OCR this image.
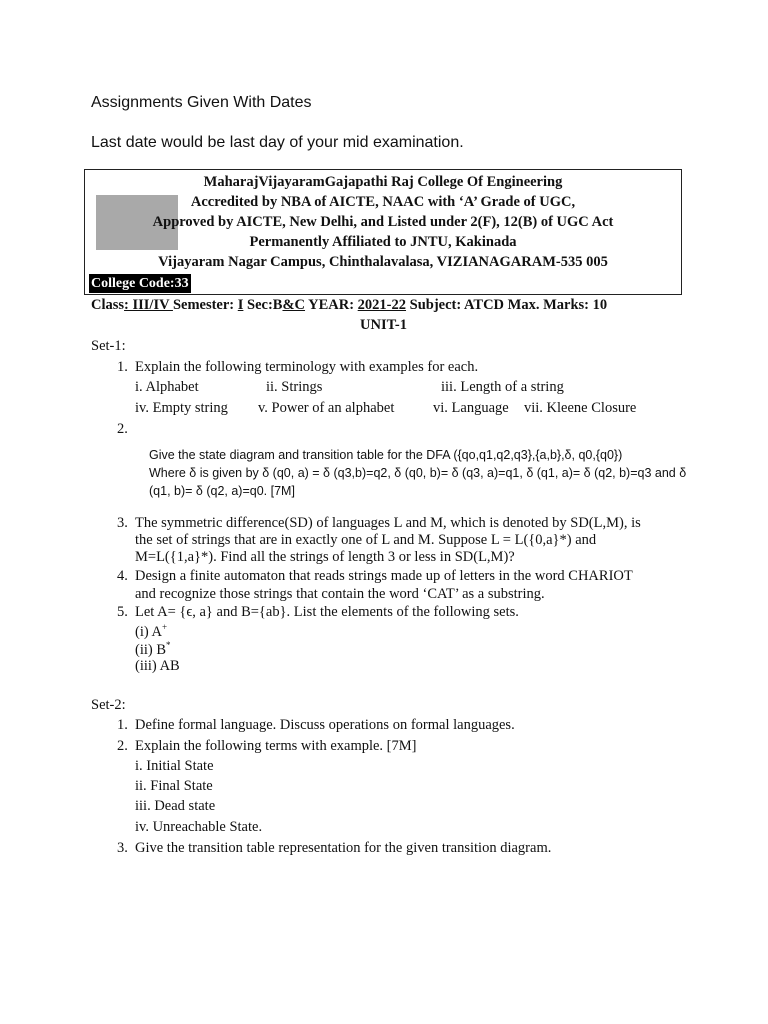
Assignments Given With Dates
Last date would be last day of your mid examination.
MaharajVijayaramGajapathi Raj College Of Engineering
Accredited by NBA of AICTE, NAAC with ‘A’ Grade of UGC,
Approved by AICTE, New Delhi, and Listed under 2(F), 12(B) of UGC Act
Permanently Affiliated to JNTU, Kakinada
Vijayaram Nagar Campus, Chinthalavalasa, VIZIANAGARAM-535 005
College Code:33
Class: III/IV Semester: I Sec:B&C YEAR: 2021-22 Subject: ATCD Max. Marks: 10
UNIT-1
Set-1:
1. Explain the following terminology with examples for each.
i. Alphabet	ii. Strings	iii. Length of a string
iv. Empty string v. Power of an alphabet	vi. Language vii. Kleene Closure
2.
Give the state diagram and transition table for the DFA ({qo,q1,q2,q3},{a,b},δ, q0,{q0})
Where δ is given by δ (q0, a) = δ (q3,b)=q2, δ (q0, b)= δ (q3, a)=q1, δ (q1, a)= δ (q2, b)=q3 and δ
(q1, b)= δ (q2, a)=q0. [7M]
3. The symmetric difference(SD) of languages L and M, which is denoted by SD(L,M), is
the set of strings that are in exactly one of L and M. Suppose L = L({0,a}*) and
M=L({1,a}*). Find all the strings of length 3 or less in SD(L,M)?
4. Design a finite automaton that reads strings made up of letters in the word CHARIOT
and recognize those strings that contain the word ‘CAT’ as a substring.
5. Let A= {ϵ, a} and B={ab}. List the elements of the following sets.
(i) A+
(ii) B*
(iii) AB
Set-2:
1. Define formal language. Discuss operations on formal languages.
2. Explain the following terms with example. [7M]
i. Initial State
ii. Final State
iii. Dead state
iv. Unreachable State.
3. Give the transition table representation for the given transition diagram.
